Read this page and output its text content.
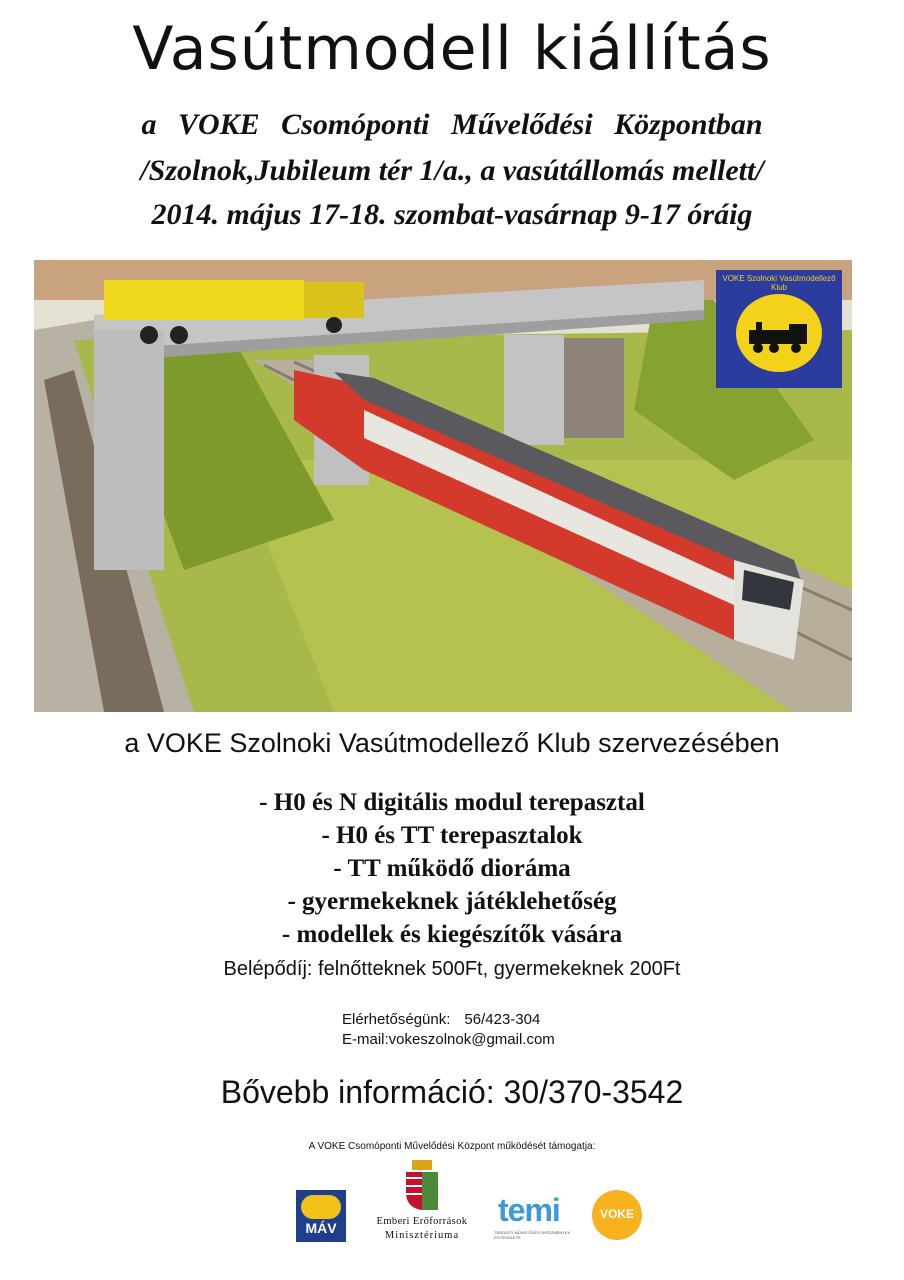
Vasútmodell kiállítás
a VOKE Csomóponti Művelődési Központban
/Szolnok,Jubileum tér 1/a., a vasútállomás mellett/
2014. május 17-18. szombat-vasárnap 9-17 óráig
VOKE Szolnoki Vasútmodellező Klub
a VOKE Szolnoki Vasútmodellező Klub szervezésében
- H0 és N digitális modul terepasztal
- H0 és TT terepasztalok
- TT működő dioráma
- gyermekeknek játéklehetőség
- modellek és kiegészítők vására
Belépődíj: felnőtteknek 500Ft, gyermekeknek 200Ft
Elérhetőségünk: 56/423-304
E-mail:vokeszolnok@gmail.com
Bővebb információ: 30/370-3542
A VOKE Csomóponti Művelődési Központ működését támogatja:
MÁV	Emberi Erőforrások
Minisztériuma
temi
TERÜLETI MŰVELŐDÉSI INTÉZMÉNYEK EGYESÜLETE
VOKE
